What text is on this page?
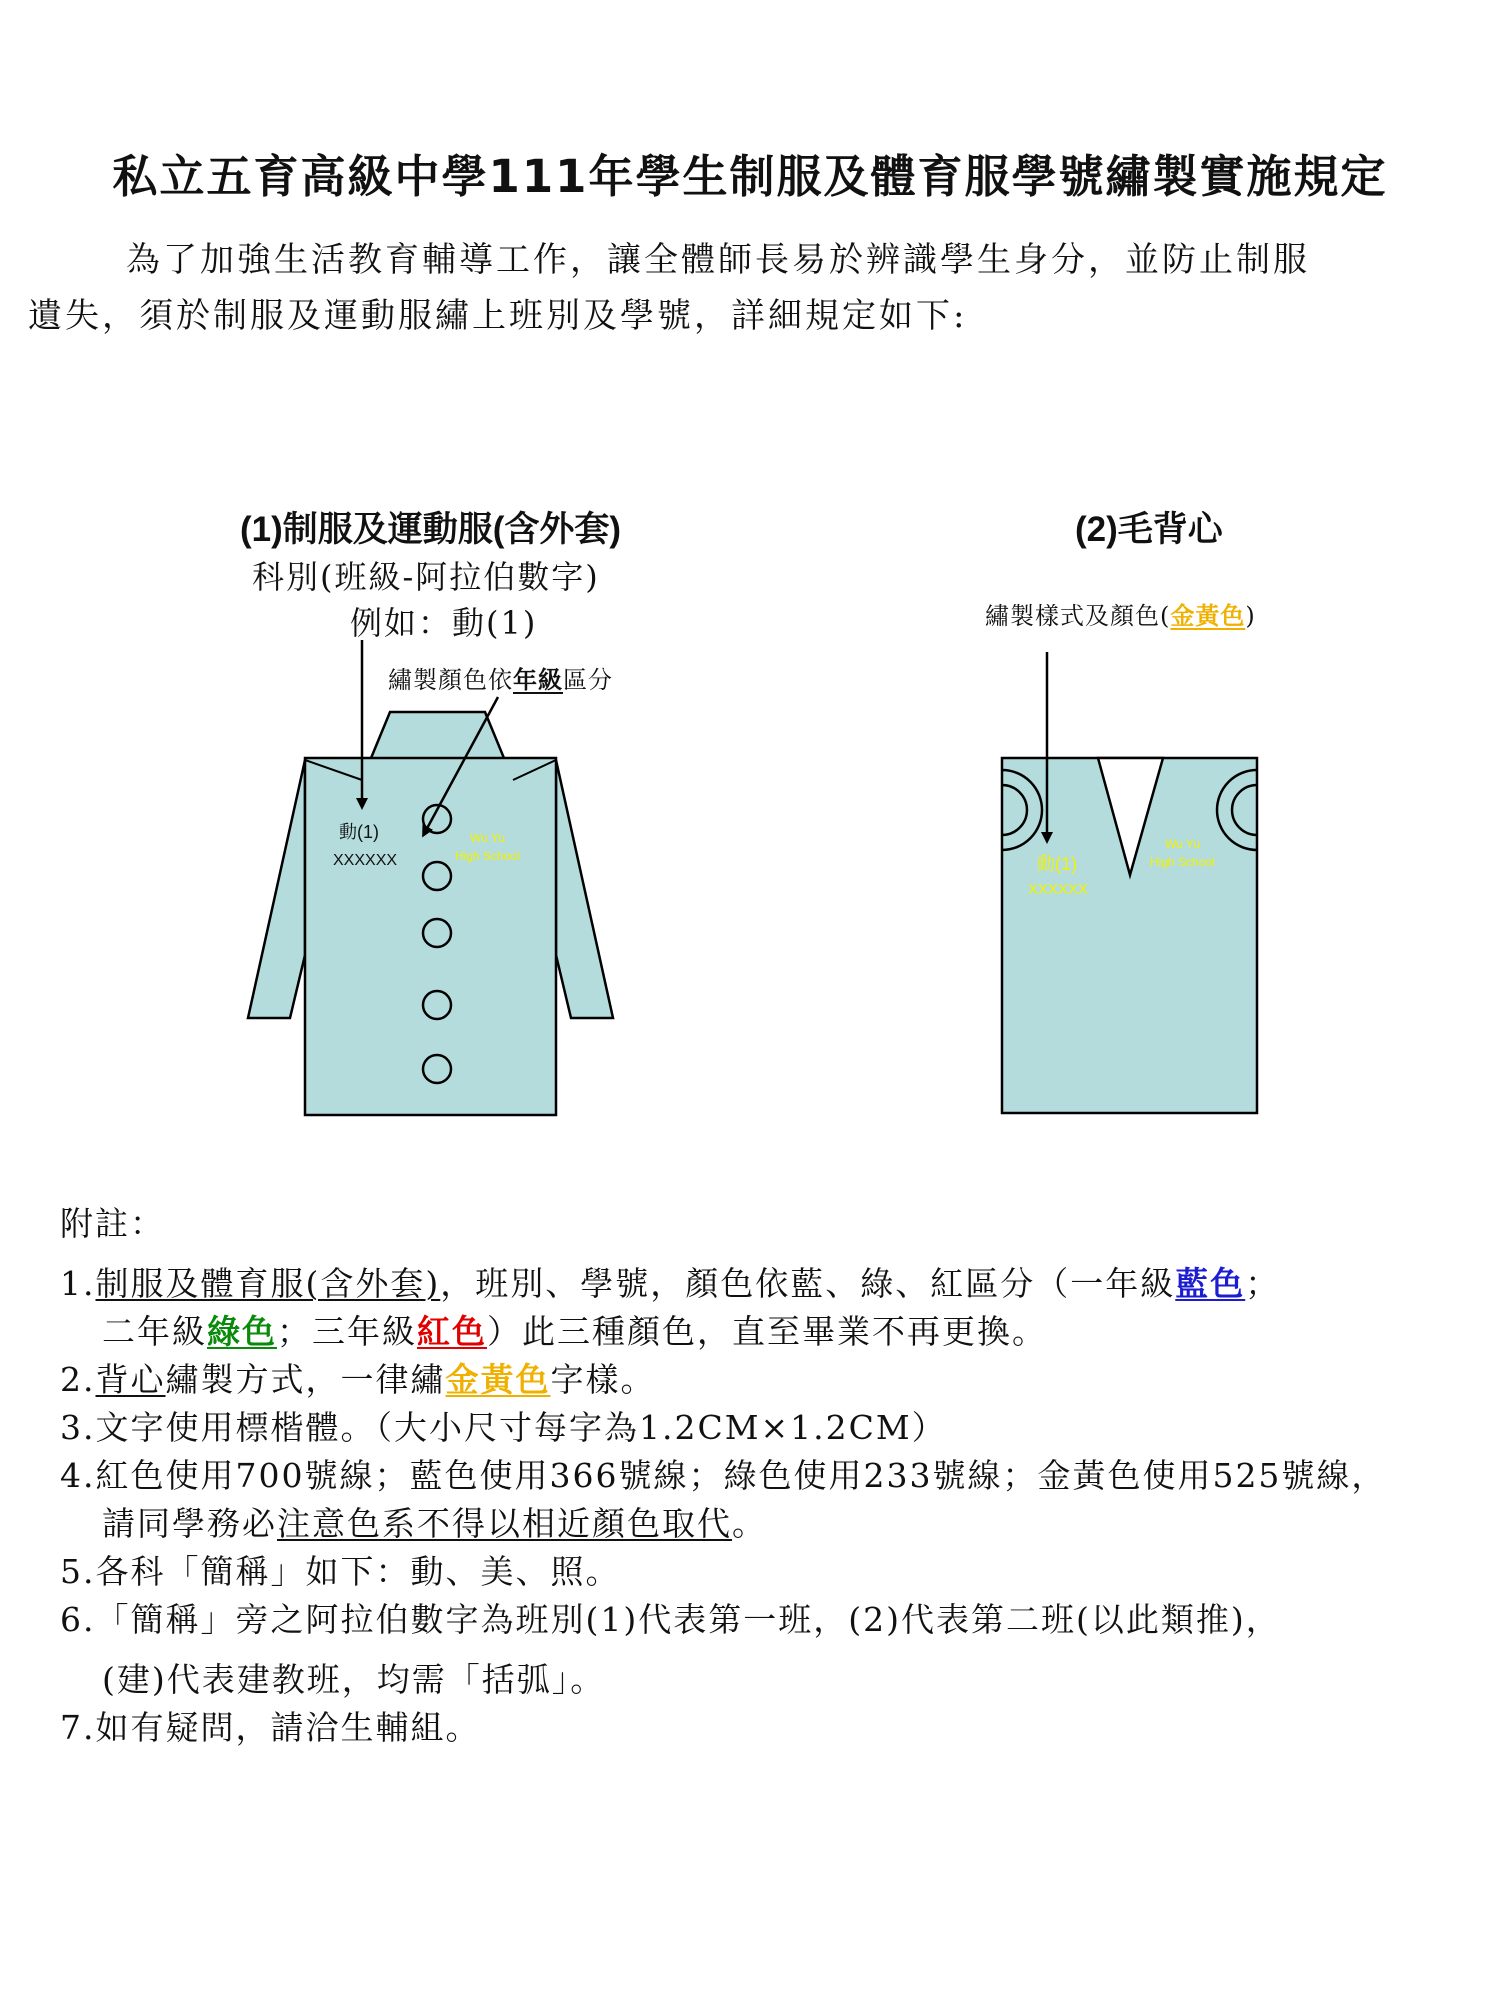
私立五育高級中學111年學生制服及體育服學號繡製實施規定
為了加強生活教育輔導工作，讓全體師長易於辨識學生身分，並防止制服
遺失，須於制服及運動服繡上班別及學號，詳細規定如下:
(1)制服及運動服(含外套)
科別(班級-阿拉伯數字)
例如：動(1)
繡製顏色依年級區分
(2)毛背心
繡製樣式及顏色(金黃色)
動(1)
XXXXXX
Wu Yu
High School	動(1)
XXXXXX
Wu Yu
High School
附註：
1.制服及體育服(含外套)，班別、學號，顏色依藍、綠、紅區分（一年級藍色；
二年級綠色；三年級紅色）此三種顏色，直至畢業不再更換。
2.背心繡製方式，一律繡金黃色字樣。
3.文字使用標楷體。（大小尺寸每字為1.2CM×1.2CM）
4.紅色使用700號線；藍色使用366號線；綠色使用233號線；金黃色使用525號線，
請同學務必注意色系不得以相近顏色取代。
5.各科「簡稱」如下：動、美、照。
6.「簡稱」旁之阿拉伯數字為班別(1)代表第一班，(2)代表第二班(以此類推)，
(建)代表建教班，均需「括弧」。
7.如有疑問，請洽生輔組。
